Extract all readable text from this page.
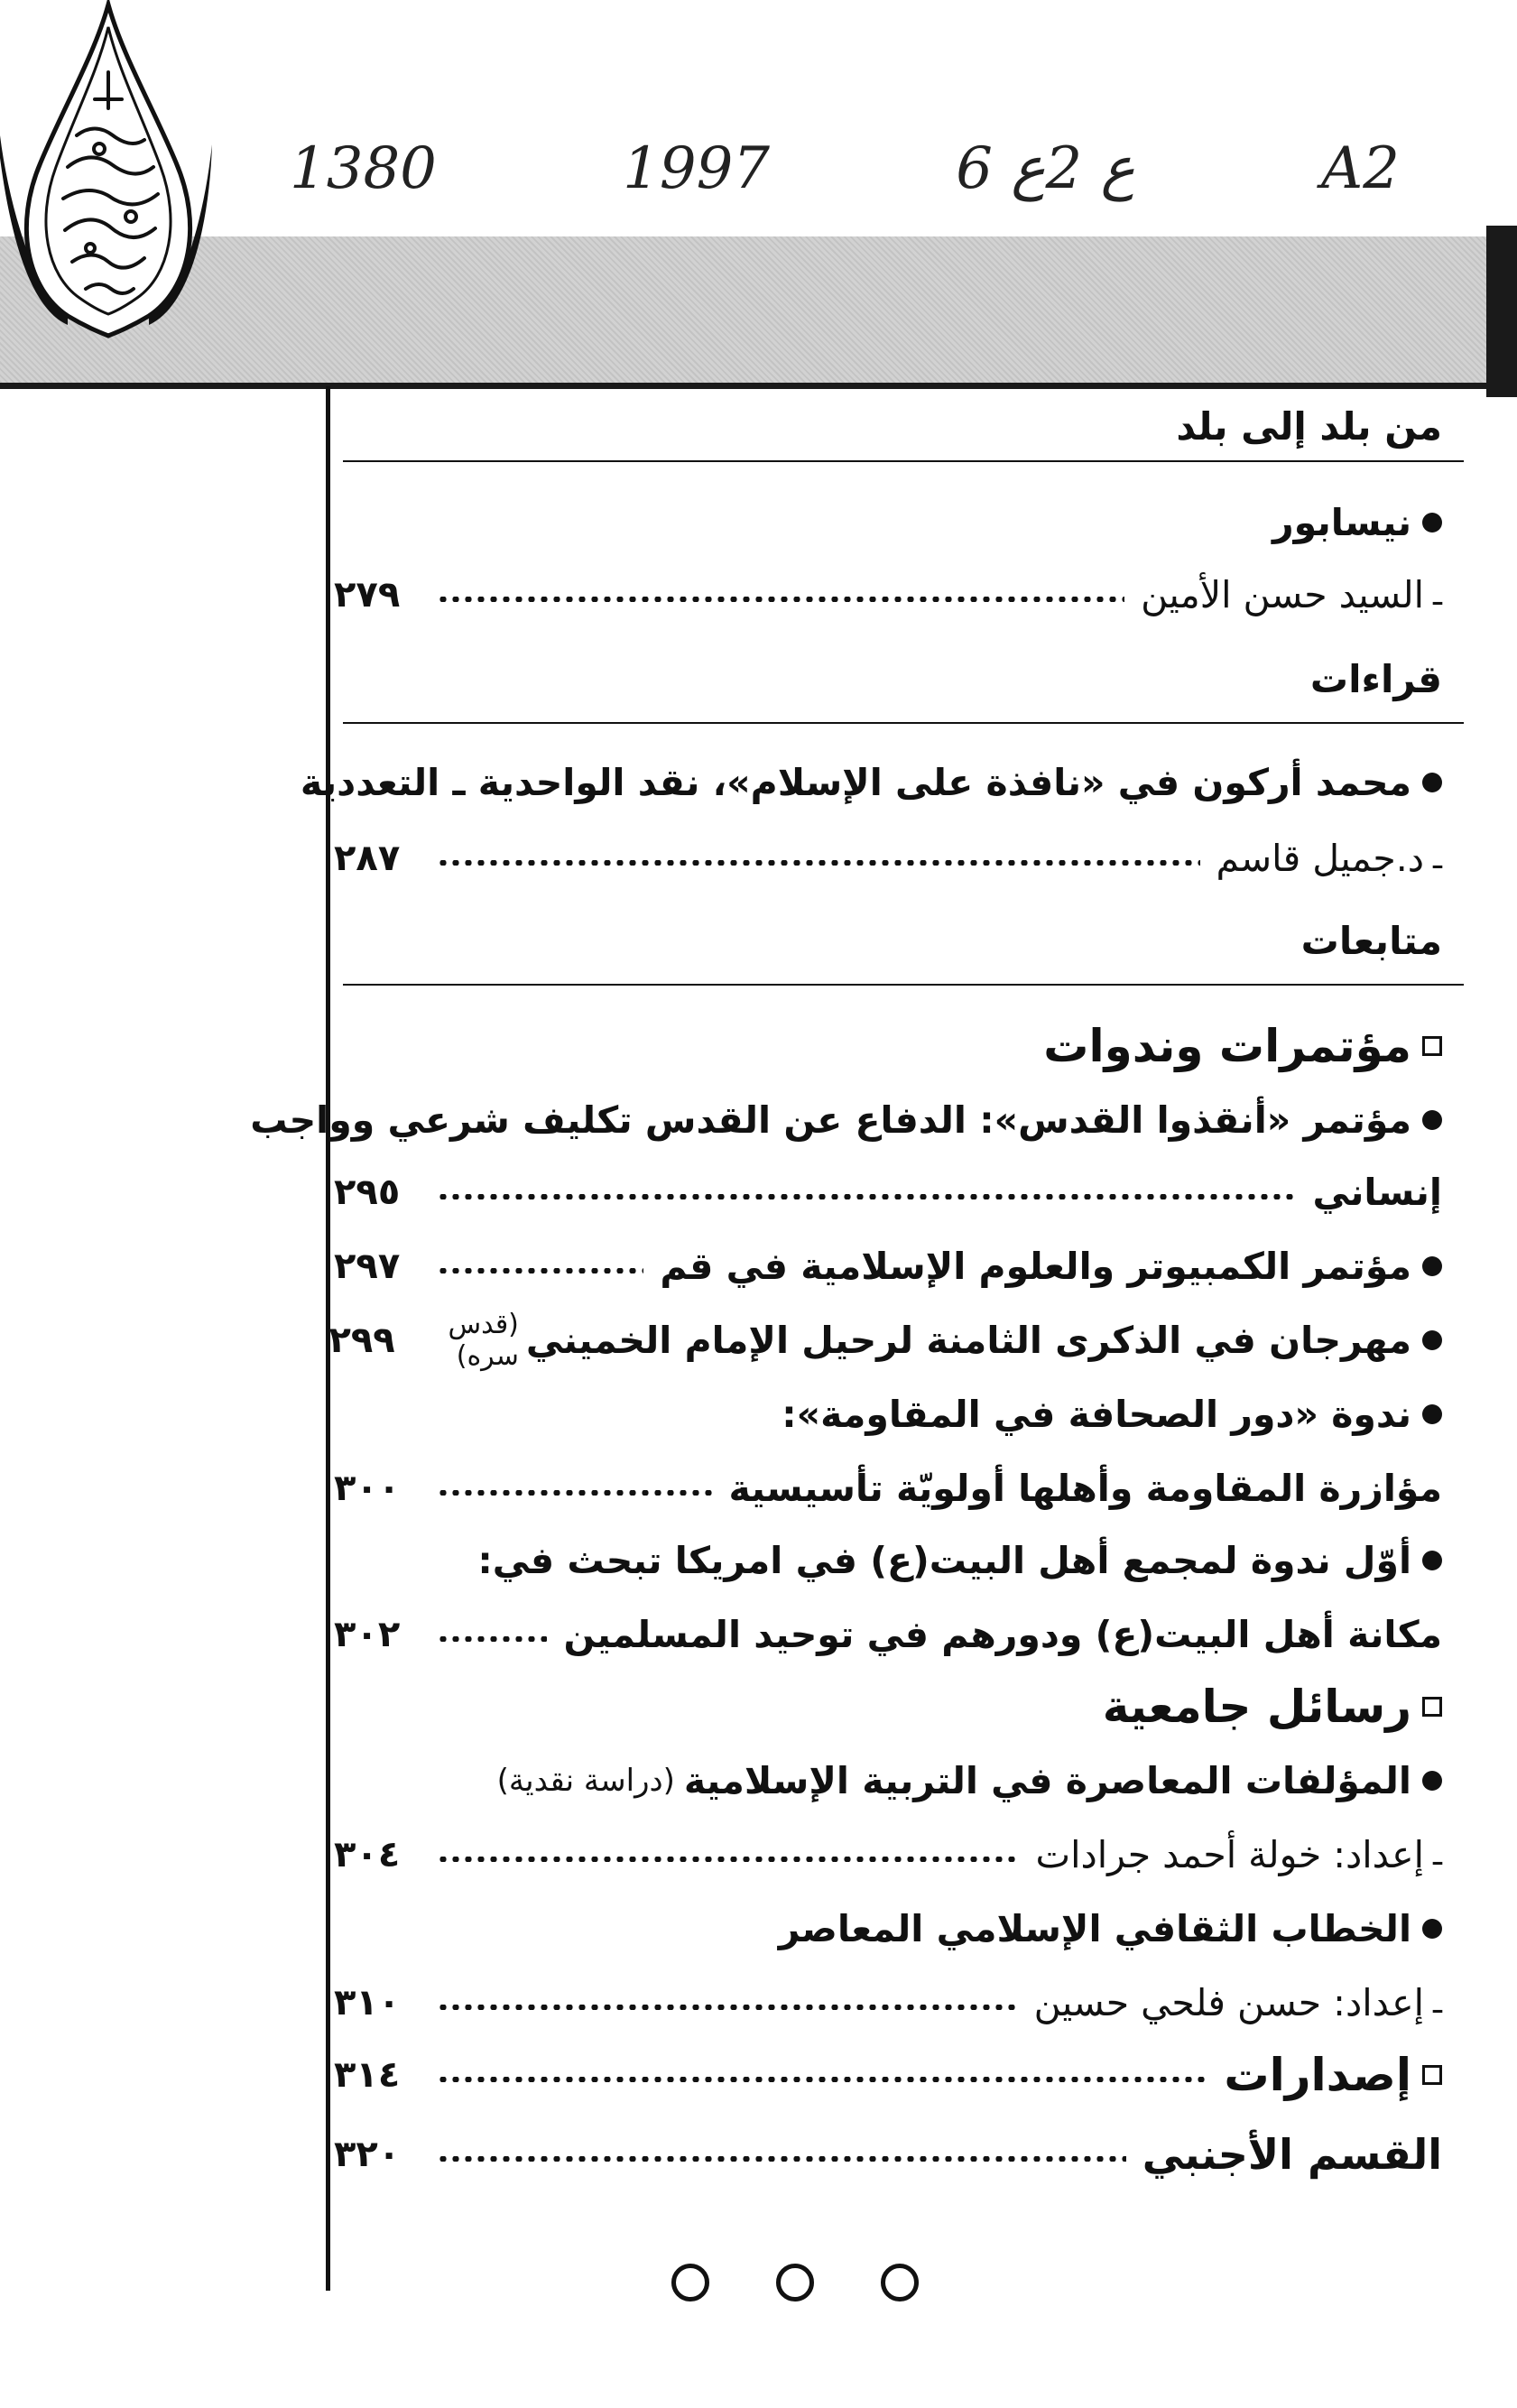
A2
6 ع 2ع
1997
1380
من بلد إلى بلد
نيسابور
ـ
السيد حسن الأمين
٢٧٩
قراءات
محمد أركون في «نافذة على الإسلام»، نقد الواحدية ـ التعددية
ـ
د.جميل قاسم
٢٨٧
متابعات
مؤتمرات وندوات
مؤتمر «أنقذوا القدس»: الدفاع عن القدس تكليف شرعي وواجب
إنساني
٢٩٥
مؤتمر الكمبيوتر والعلوم الإسلامية في قم
٢٩٧
مهرجان في الذكرى الثامنة لرحيل الإمام الخميني
(قدس سره)
٢٩٩
ندوة «دور الصحافة في المقاومة»:
مؤازرة المقاومة وأهلها أولويّة تأسيسية
٣٠٠
أوّل ندوة لمجمع أهل البيت(ع) في امريكا تبحث في:
مكانة أهل البيت(ع) ودورهم في توحيد المسلمين
٣٠٢
رسائل جامعية
المؤلفات المعاصرة في التربية الإسلامية
(دراسة نقدية)
ـ
إعداد: خولة أحمد جرادات
٣٠٤
الخطاب الثقافي الإسلامي المعاصر
ـ
إعداد: حسن فلحي حسين
٣١٠
إصدارات
٣١٤
القسم الأجنبي
٣٢٠
